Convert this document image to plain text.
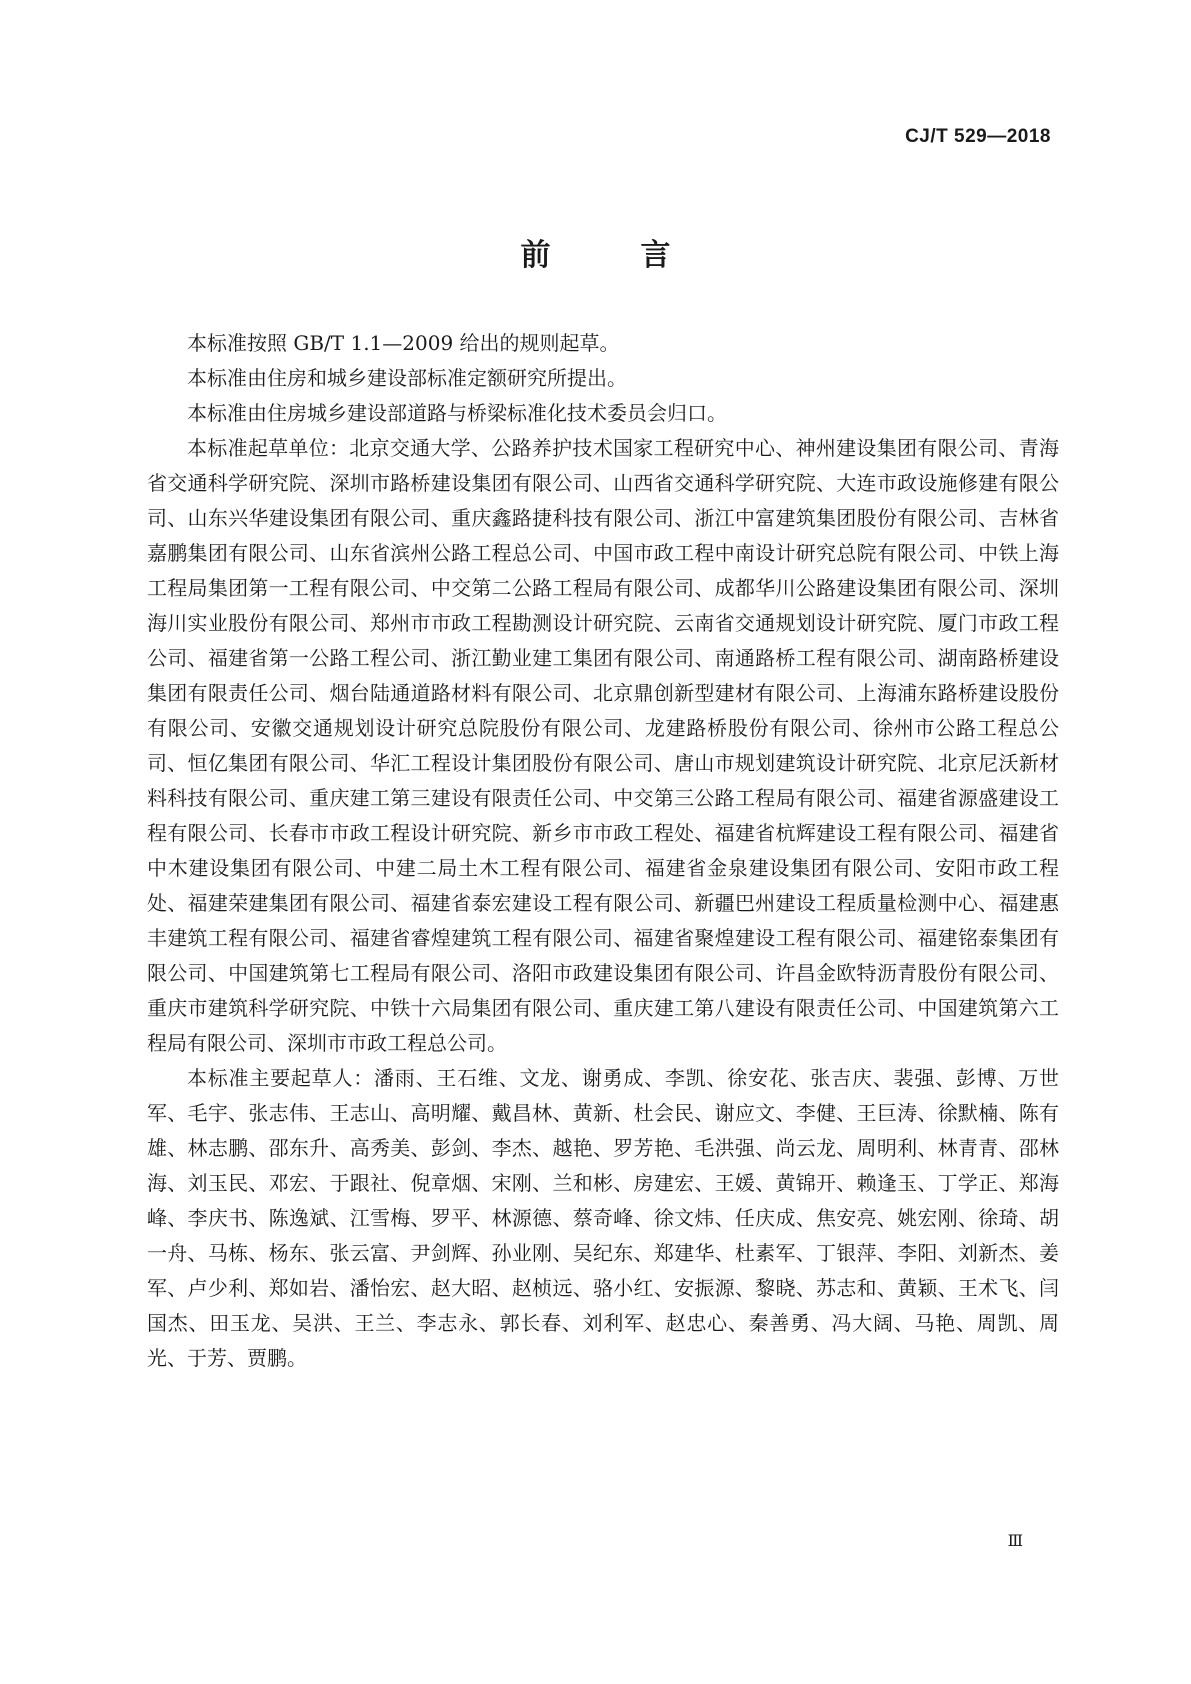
CJ/T 529—2018
前　言

本标准按照 GB/T 1.1—2009 给出的规则起草。

本标准由住房和城乡建设部标准定额研究所提出。

本标准由住房城乡建设部道路与桥梁标准化技术委员会归口。

本标准起草单位：北京交通大学、公路养护技术国家工程研究中心、神州建设集团有限公司、青海省交通科学研究院、深圳市路桥建设集团有限公司、山西省交通科学研究院、大连市政设施修建有限公司、山东兴华建设集团有限公司、重庆鑫路捷科技有限公司、浙江中富建筑集团股份有限公司、吉林省嘉鹏集团有限公司、山东省滨州公路工程总公司、中国市政工程中南设计研究总院有限公司、中铁上海工程局集团第一工程有限公司、中交第二公路工程局有限公司、成都华川公路建设集团有限公司、深圳海川实业股份有限公司、郑州市市政工程勘测设计研究院、云南省交通规划设计研究院、厦门市政工程公司、福建省第一公路工程公司、浙江勤业建工集团有限公司、南通路桥工程有限公司、湖南路桥建设集团有限责任公司、烟台陆通道路材料有限公司、北京鼎创新型建材有限公司、上海浦东路桥建设股份有限公司、安徽交通规划设计研究总院股份有限公司、龙建路桥股份有限公司、徐州市公路工程总公司、恒亿集团有限公司、华汇工程设计集团股份有限公司、唐山市规划建筑设计研究院、北京尼沃新材料科技有限公司、重庆建工第三建设有限责任公司、中交第三公路工程局有限公司、福建省源盛建设工程有限公司、长春市市政工程设计研究院、新乡市市政工程处、福建省杭辉建设工程有限公司、福建省中木建设集团有限公司、中建二局土木工程有限公司、福建省金泉建设集团有限公司、安阳市政工程处、福建荣建集团有限公司、福建省泰宏建设工程有限公司、新疆巴州建设工程质量检测中心、福建惠丰建筑工程有限公司、福建省睿煌建筑工程有限公司、福建省聚煌建设工程有限公司、福建铭泰集团有限公司、中国建筑第七工程局有限公司、洛阳市政建设集团有限公司、许昌金欧特沥青股份有限公司、重庆市建筑科学研究院、中铁十六局集团有限公司、重庆建工第八建设有限责任公司、中国建筑第六工程局有限公司、深圳市市政工程总公司。

本标准主要起草人：潘雨、王石维、文龙、谢勇成、李凯、徐安花、张吉庆、裴强、彭博、万世军、毛宇、张志伟、王志山、高明耀、戴昌林、黄新、杜会民、谢应文、李健、王巨涛、徐默楠、陈有雄、林志鹏、邵东升、高秀美、彭剑、李杰、越艳、罗芳艳、毛洪强、尚云龙、周明利、林青青、邵林海、刘玉民、邓宏、于跟社、倪章烟、宋刚、兰和彬、房建宏、王媛、黄锦开、赖逢玉、丁学正、郑海峰、李庆书、陈逸斌、江雪梅、罗平、林源德、蔡奇峰、徐文炜、任庆成、焦安亮、姚宏刚、徐琦、胡一舟、马栋、杨东、张云富、尹剑辉、孙业刚、吴纪东、郑建华、杜素军、丁银萍、李阳、刘新杰、姜军、卢少利、郑如岩、潘怡宏、赵大昭、赵桢远、骆小红、安振源、黎晓、苏志和、黄颖、王术飞、闫国杰、田玉龙、吴洪、王兰、李志永、郭长春、刘利军、赵忠心、秦善勇、冯大阔、马艳、周凯、周光、于芳、贾鹏。

Ⅲ
